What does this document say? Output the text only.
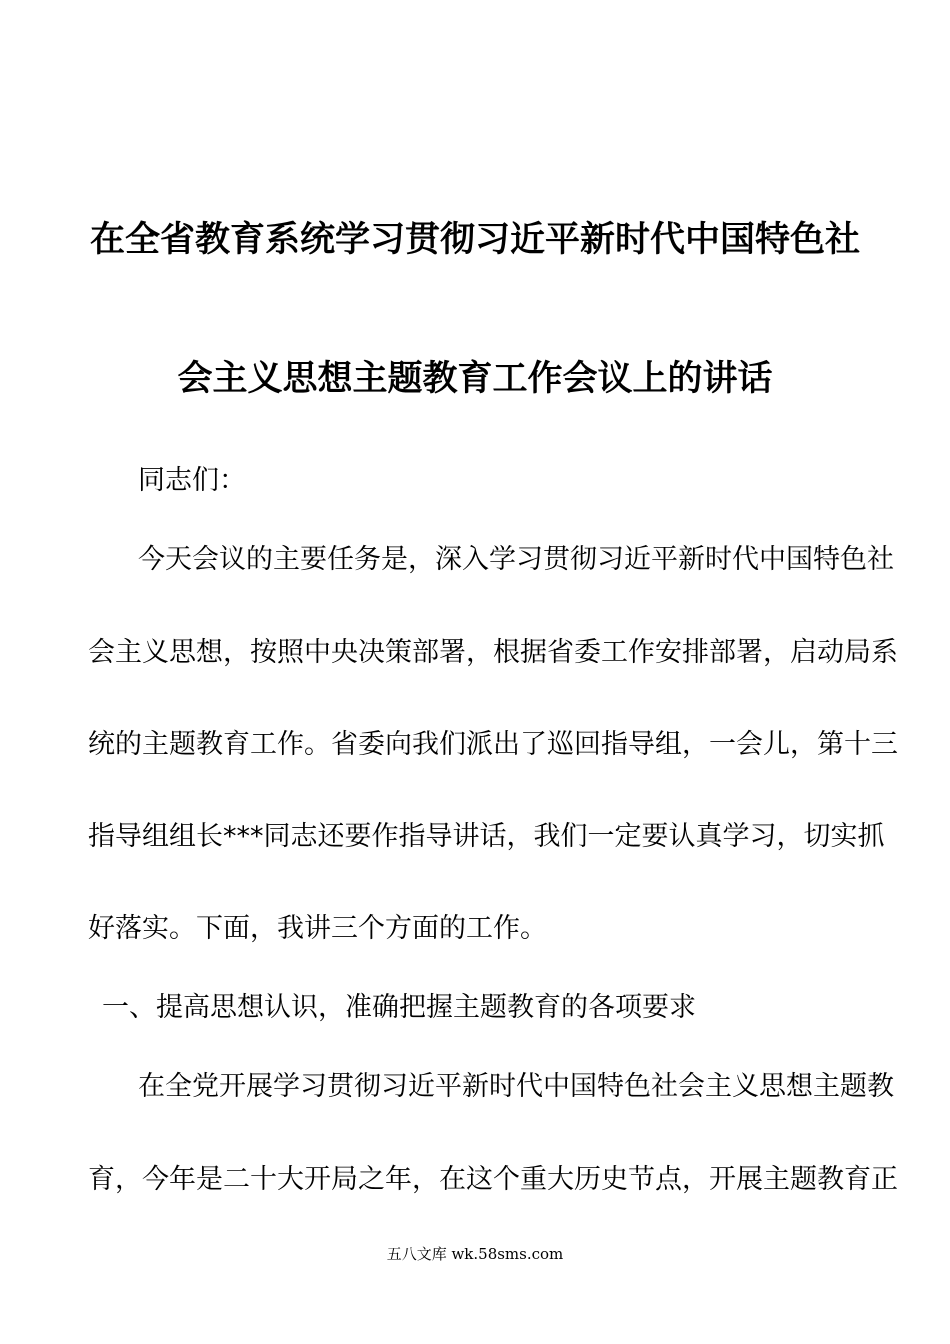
在全省教育系统学习贯彻习近平新时代中国特色社
会主义思想主题教育工作会议上的讲话
同志们：
今天会议的主要任务是，深入学习贯彻习近平新时代中国特色社
会主义思想，按照中央决策部署，根据省委工作安排部署，启动局系
统的主题教育工作。省委向我们派出了巡回指导组，一会儿，第十三
指导组组长***同志还要作指导讲话，我们一定要认真学习，切实抓
好落实。下面，我讲三个方面的工作。
一、提高思想认识，准确把握主题教育的各项要求
在全党开展学习贯彻习近平新时代中国特色社会主义思想主题教
育，今年是二十大开局之年，在这个重大历史节点，开展主题教育正
五八文库 wk.58sms.com
